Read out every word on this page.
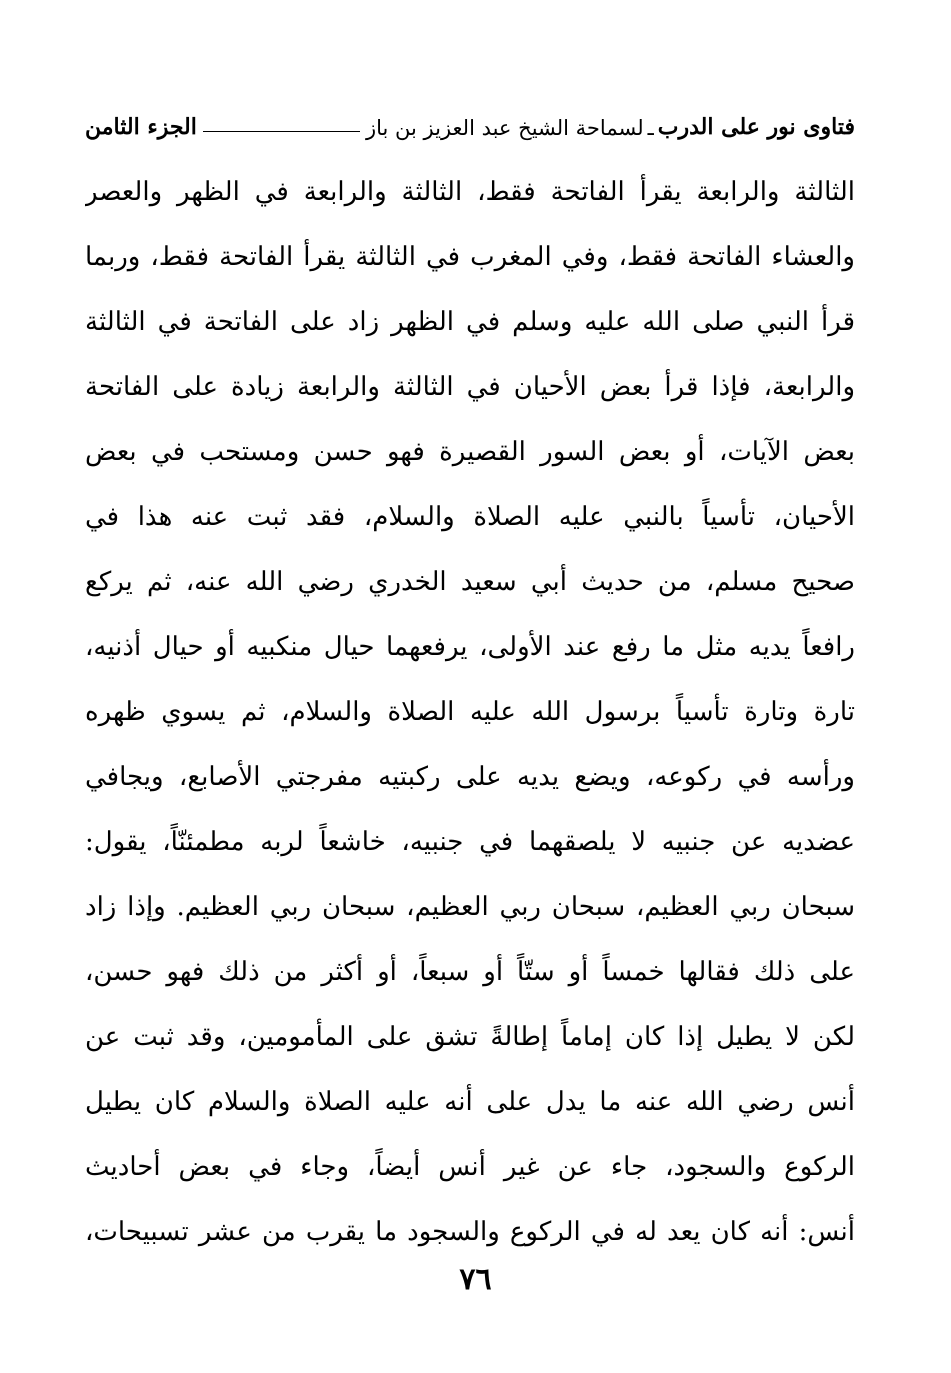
فتاوى نور على الدرب
ـ
لسماحة الشيخ عبد العزيز بن باز
الجزء الثامن
الثالثة والرابعة يقرأ الفاتحة فقط، الثالثة والرابعة في الظهر والعصر
والعشاء الفاتحة فقط، وفي المغرب في الثالثة يقرأ الفاتحة فقط، وربما
قرأ النبي صلى الله عليه وسلم في الظهر زاد على الفاتحة في الثالثة
والرابعة، فإذا قرأ بعض الأحيان في الثالثة والرابعة زيادة على الفاتحة
بعض الآيات، أو بعض السور القصيرة فهو حسن ومستحب في بعض
الأحيان، تأسياً بالنبي عليه الصلاة والسلام، فقد ثبت عنه هذا في
صحيح مسلم، من حديث أبي سعيد الخدري رضي الله عنه، ثم يركع
رافعاً يديه مثل ما رفع عند الأولى، يرفعهما حيال منكبيه أو حيال أذنيه،
تارة وتارة تأسياً برسول الله عليه الصلاة والسلام، ثم يسوي ظهره
ورأسه في ركوعه، ويضع يديه على ركبتيه مفرجتي الأصابع، ويجافي
عضديه عن جنبيه لا يلصقهما في جنبيه، خاشعاً لربه مطمئنّاً، يقول:
سبحان ربي العظيم، سبحان ربي العظيم، سبحان ربي العظيم. وإذا زاد
على ذلك فقالها خمساً أو ستّاً أو سبعاً، أو أكثر من ذلك فهو حسن،
لكن لا يطيل إذا كان إماماً إطالةً تشق على المأمومين، وقد ثبت عن
أنس رضي الله عنه ما يدل على أنه عليه الصلاة والسلام كان يطيل
الركوع والسجود، جاء عن غير أنس أيضاً، وجاء في بعض أحاديث
أنس: أنه كان يعد له في الركوع والسجود ما يقرب من عشر تسبيحات،
٧٦
